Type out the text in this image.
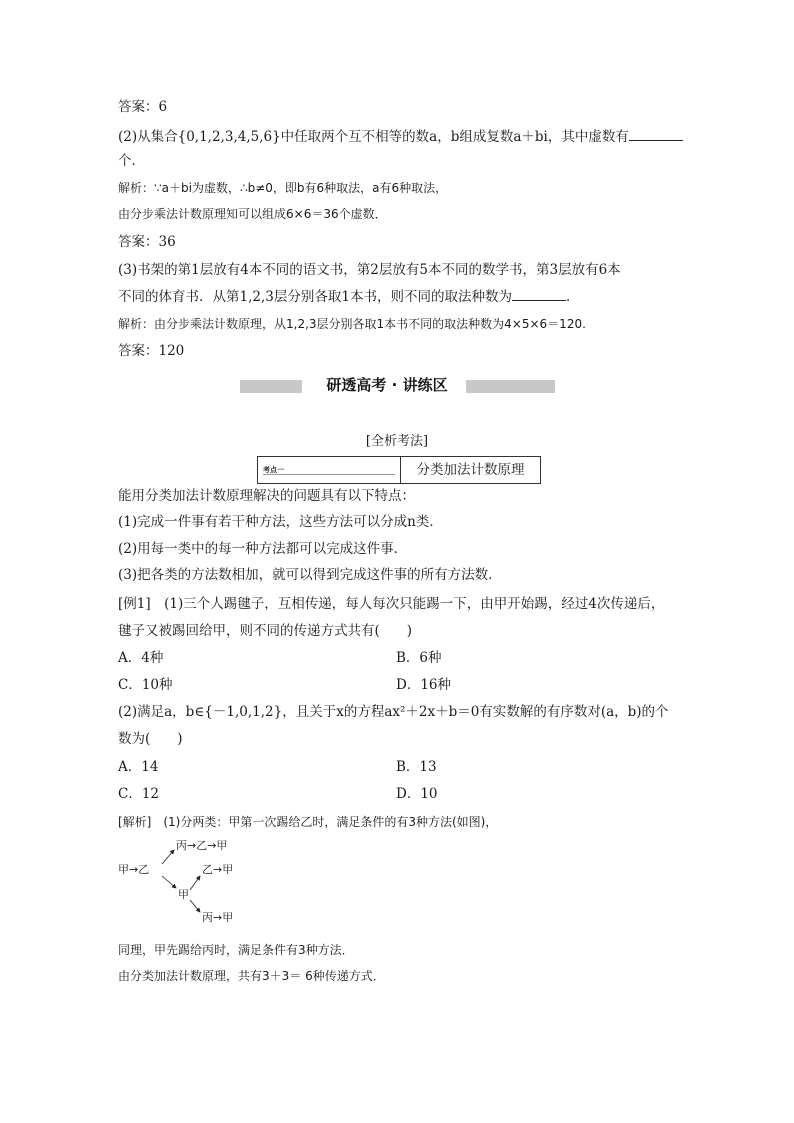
答案：6
(2)从集合{0,1,2,3,4,5,6}中任取两个互不相等的数a，b组成复数a＋bi，其中虚数有
个．
解析：∵a＋bi为虚数，∴b≠0，即b有6种取法，a有6种取法，
由分步乘法计数原理知可以组成6×6＝36个虚数．
答案：36
(3)书架的第1层放有4本不同的语文书，第2层放有5本不同的数学书，第3层放有6本
不同的体育书．从第1,2,3层分别各取1本书，则不同的取法种数为	．
解析：由分步乘法计数原理，从1,2,3层分别各取1本书不同的取法种数为4×5×6＝120.
答案：120
研透高考 · 讲练区
[全析考法]
考点一	分类加法计数原理
能用分类加法计数原理解决的问题具有以下特点：
(1)完成一件事有若干种方法，这些方法可以分成n类．
(2)用每一类中的每一种方法都可以完成这件事．
(3)把各类的方法数相加，就可以得到完成这件事的所有方法数．
[例1]　(1)三个人踢毽子，互相传递，每人每次只能踢一下，由甲开始踢，经过4次传递后，
毽子又被踢回给甲，则不同的传递方式共有(　　)
A．4种	B．6种
C．10种	D．16种
(2)满足a，b∈{－1,0,1,2}，且关于x的方程ax²＋2x＋b＝0有实数解的有序数对(a，b)的个
数为(　　)
A．14	B．13
C．12	D．10
[解析]　(1)分两类：甲第一次踢给乙时，满足条件的有3种方法(如图)，
甲→乙
丙→乙→甲
乙→甲
甲
丙→甲
同理，甲先踢给丙时，满足条件有3种方法．
由分类加法计数原理，共有3＋3＝ 6种传递方式．
